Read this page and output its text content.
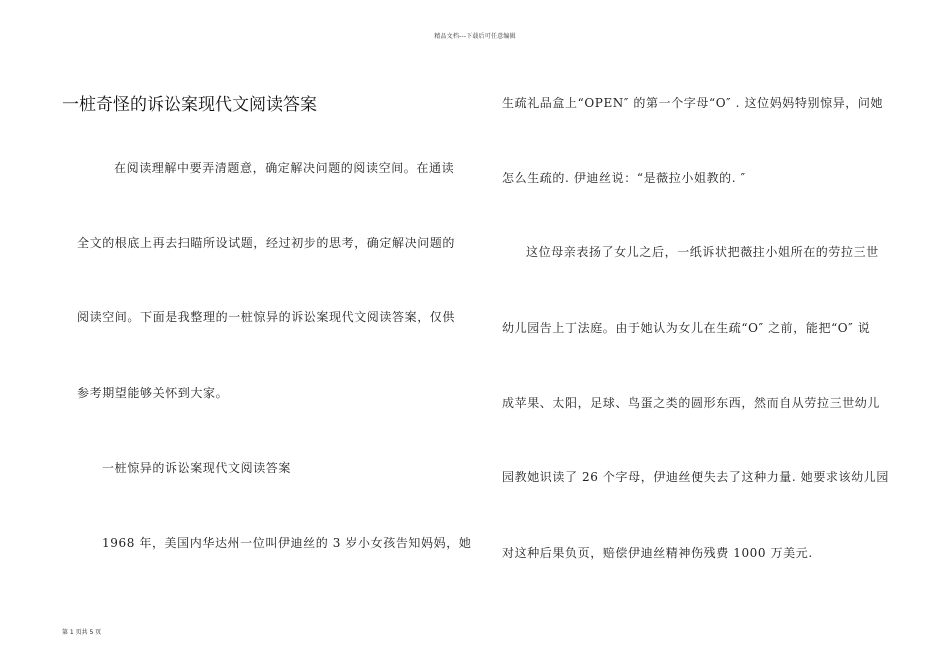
精品文档---下载后可任意编辑
一桩奇怪的诉讼案现代文阅读答案
在阅读理解中要弄清题意，确定解决问题的阅读空间。在通读
全文的根底上再去扫瞄所设试题，经过初步的思考，确定解决问题的
阅读空间。下面是我整理的一桩惊异的诉讼案现代文阅读答案，仅供
参考期望能够关怀到大家。
一桩惊异的诉讼案现代文阅读答案
1968 年，美国内华达州一位叫伊迪丝的 3 岁小女孩告知妈妈，她
生疏礼品盒上“OPEN″ 的第一个字母“O″ . 这位妈妈特别惊异，问她
怎么生疏的. 伊迪丝说：“是薇拉小姐教的. ″
这位母亲表扬了女儿之后，一纸诉状把薇拄小姐所在的劳拉三世
幼儿园告上丁法庭。由于她认为女儿在生疏“O″ 之前，能把“O″ 说
成苹果、太阳，足球、鸟蛋之类的圆形东西，然而自从劳拉三世幼儿
园教她识读了 26 个字母，伊迪丝便失去了这种力量. 她要求该幼儿园
对这种后果负页，赔偿伊迪丝精神伤残费 1000 万美元.
第 1 页共 5 页
